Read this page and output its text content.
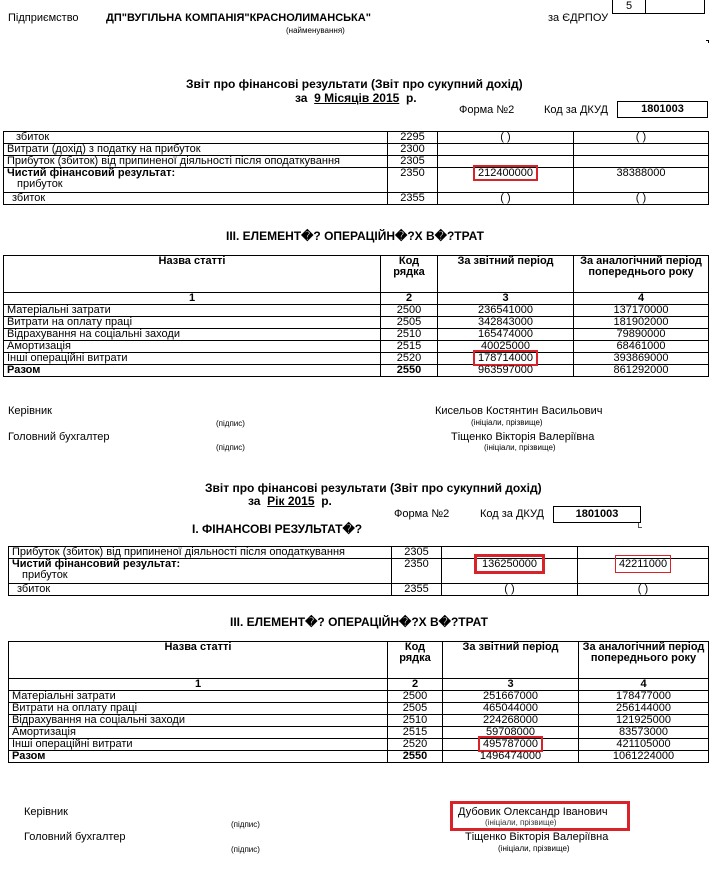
Підприємство ДП"ВУГІЛЬНА КОМПАНІЯ"КРАСНОЛИМАНСЬКА"
(найменування)
за ЄДРПОУ
5
Звіт про фінансові результати (Звіт про сукупний дохід)
за 9 Місяців 2015 р.
Форма №2	Код за ДКУД	1801003
збиток	2295	( )	( )
Витрати (дохід) з податку на прибуток	2300		
Прибуток (збиток) від припиненої діяльності після оподаткування	2305		

Чистий фінансовий результат:
прибуток	2350	212400000	38388000
збиток	2355	( )	( )
ІІІ. ЕЛЕМЕНТ�? ОПЕРАЦІЙН�?Х В�?ТРАТ
Назва статті	Код рядка	За звітний період	За аналогічний період попереднього року
1	2	3	4
Матеріальні затрати	2500	236541000	137170000
Витрати на оплату праці	2505	342843000	181902000
Відрахування на соціальні заходи	2510	165474000	79890000
Амортизація	2515	40025000	68461000
Інші операційні витрати	2520	178714000	393869000
Разом	2550	963597000	861292000
Керівник
(підпис)
Кисельов Костянтин Васильович
(ініціали, прізвище)
Головний бухгалтер
(підпис)
Тіщенко Вікторія Валеріївна
(ініціали, прізвище)
Звіт про фінансові результати (Звіт про сукупний дохід)
за Рік 2015 р.
Форма №2	Код за ДКУД	1801003
І. ФІНАНСОВІ РЕЗУЛЬТАТ�?
Прибуток (збиток) від припиненої діяльності після оподаткування	2305		

Чистий фінансовий результат:
прибуток	2350	136250000	42211000
збиток	2355	( )	( )
ІІІ. ЕЛЕМЕНТ�? ОПЕРАЦІЙН�?Х В�?ТРАТ
Назва статті	Код рядка	За звітний період	За аналогічний період попереднього року
1	2	3	4
Матеріальні затрати	2500	251667000	178477000
Витрати на оплату праці	2505	465044000	256144000
Відрахування на соціальні заходи	2510	224268000	121925000
Амортизація	2515	59708000	83573000
Інші операційні витрати	2520	495787000	421105000
Разом	2550	1496474000	1061224000
Керівник
(підпис)
Дубовик Олександр Іванович
(ініціали, прізвище)
Головний бухгалтер
(підпис)
Тіщенко Вікторія Валеріївна
(ініціали, прізвище)
